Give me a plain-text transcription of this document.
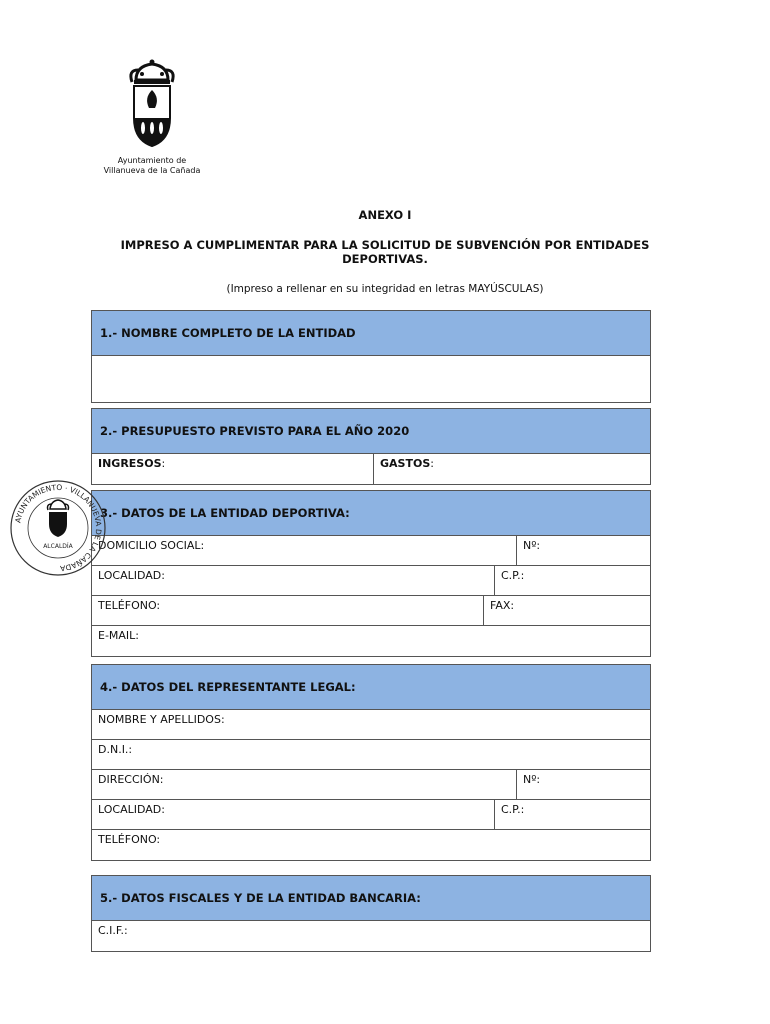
Ayuntamiento de
Villanueva de la Cañada
ANEXO I
IMPRESO A CUMPLIMENTAR PARA LA SOLICITUD DE SUBVENCIÓN POR ENTIDADES DEPORTIVAS.
(Impreso a rellenar en su integridad en letras MAYÚSCULAS)
1.- NOMBRE COMPLETO DE LA ENTIDAD
2.- PRESUPUESTO PREVISTO PARA EL AÑO 2020
INGRESOS:	GASTOS:
3.- DATOS DE LA ENTIDAD DEPORTIVA:
DOMICILIO SOCIAL:	Nº:
LOCALIDAD:	C.P.:
TELÉFONO:	FAX:
E-MAIL:
4.- DATOS DEL REPRESENTANTE LEGAL:
NOMBRE Y APELLIDOS:
D.N.I.:
DIRECCIÓN:	Nº:
LOCALIDAD:	C.P.:
TELÉFONO:
5.- DATOS FISCALES Y DE LA ENTIDAD BANCARIA:
C.I.F.:
AYUNTAMIENTO · VILLANUEVA DE LA CAÑADA
ALCALDÍA
